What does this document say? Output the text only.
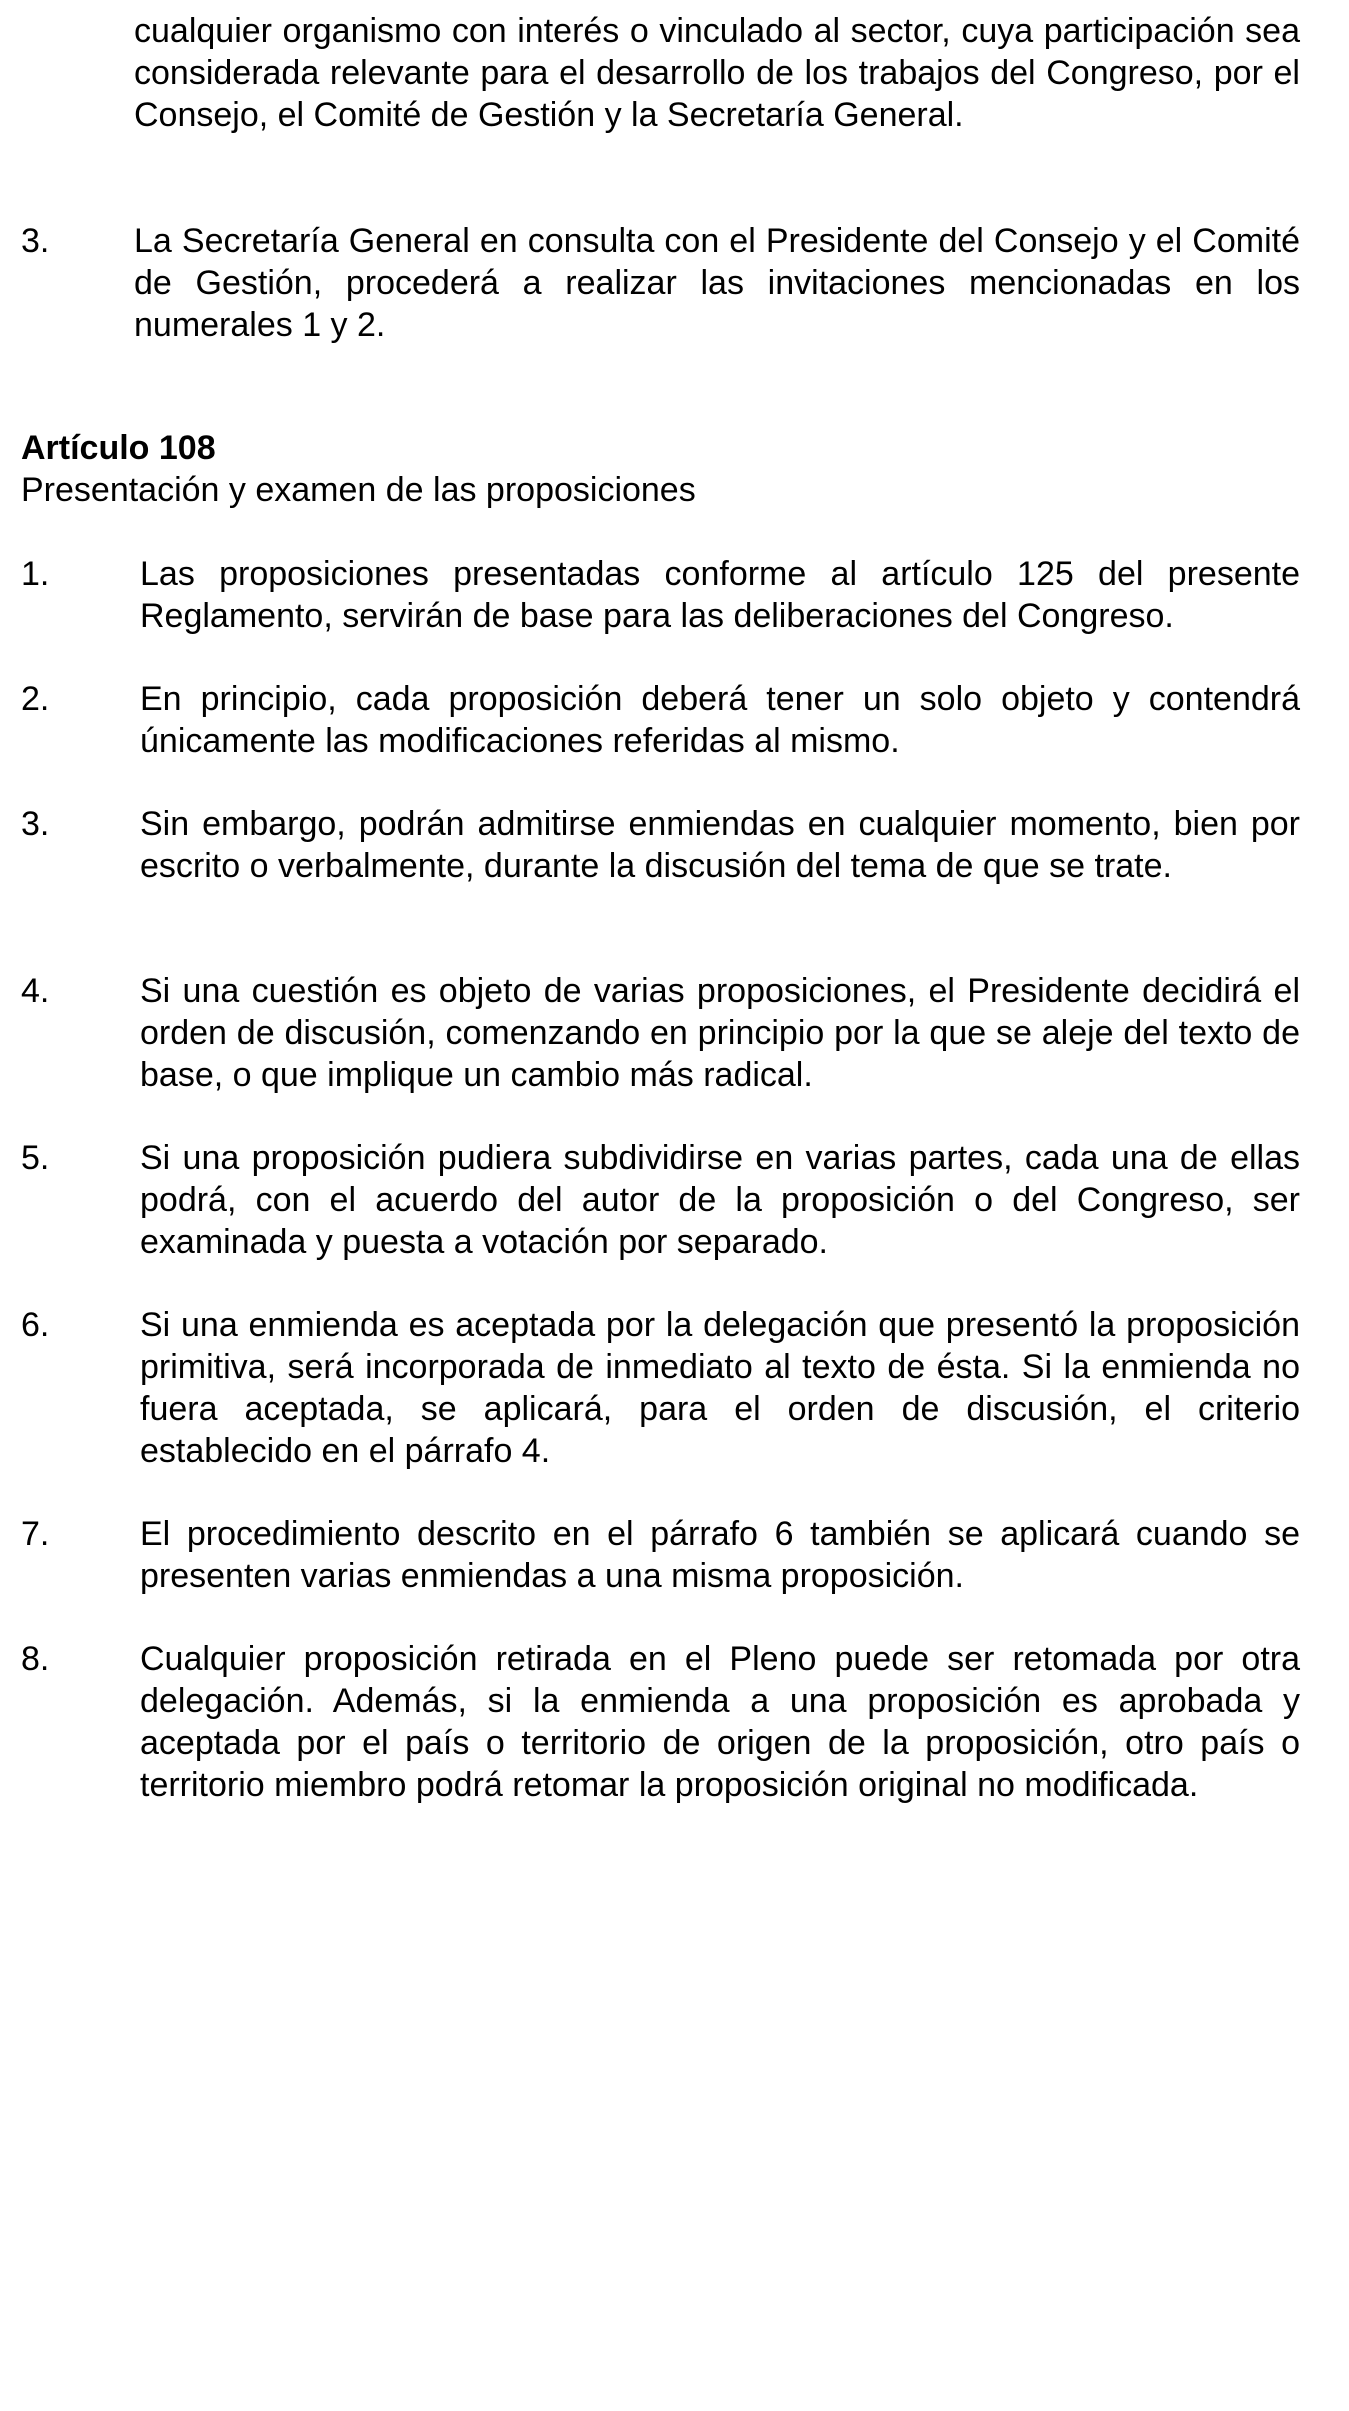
cualquier organismo con interés o vinculado al sector, cuya participación sea considerada relevante para el desarrollo de los trabajos del Congreso, por el Consejo, el Comité de Gestión y la Secretaría General.

3. La Secretaría General en consulta con el Presidente del Consejo y el Comité de Gestión, procederá a realizar las invitaciones mencionadas en los numerales 1 y 2.

Artículo 108

Presentación y examen de las proposiciones

1.	Las proposiciones presentadas conforme al artículo 125 del presente Reglamento, servirán de base para las deliberaciones del Congreso.

2.	En principio, cada proposición deberá tener un solo objeto y contendrá únicamente las modificaciones referidas al mismo.

3.	Sin embargo, podrán admitirse enmiendas en cualquier momento, bien por escrito o verbalmente, durante la discusión del tema de que se trate.

4.	Si una cuestión es objeto de varias proposiciones, el Presidente decidirá el orden de discusión, comenzando en principio por la que se aleje del texto de base, o que implique un cambio más radical.

5.	Si una proposición pudiera subdividirse en varias partes, cada una de ellas podrá, con el acuerdo del autor de la proposición o del Congreso, ser examinada y puesta a votación por separado.

6.	Si una enmienda es aceptada por la delegación que presentó la proposición primitiva, será incorporada de inmediato al texto de ésta. Si la enmienda no fuera aceptada, se aplicará, para el orden de discusión, el criterio establecido en el párrafo 4.

7.	El procedimiento descrito en el párrafo 6 también se aplicará cuando se presenten varias enmiendas a una misma proposición.

8.	Cualquier proposición retirada en el Pleno puede ser retomada por otra delegación. Además, si la enmienda a una proposición es aprobada y aceptada por el país o territorio de origen de la proposición, otro país o territorio miembro podrá retomar la proposición original no modificada.
